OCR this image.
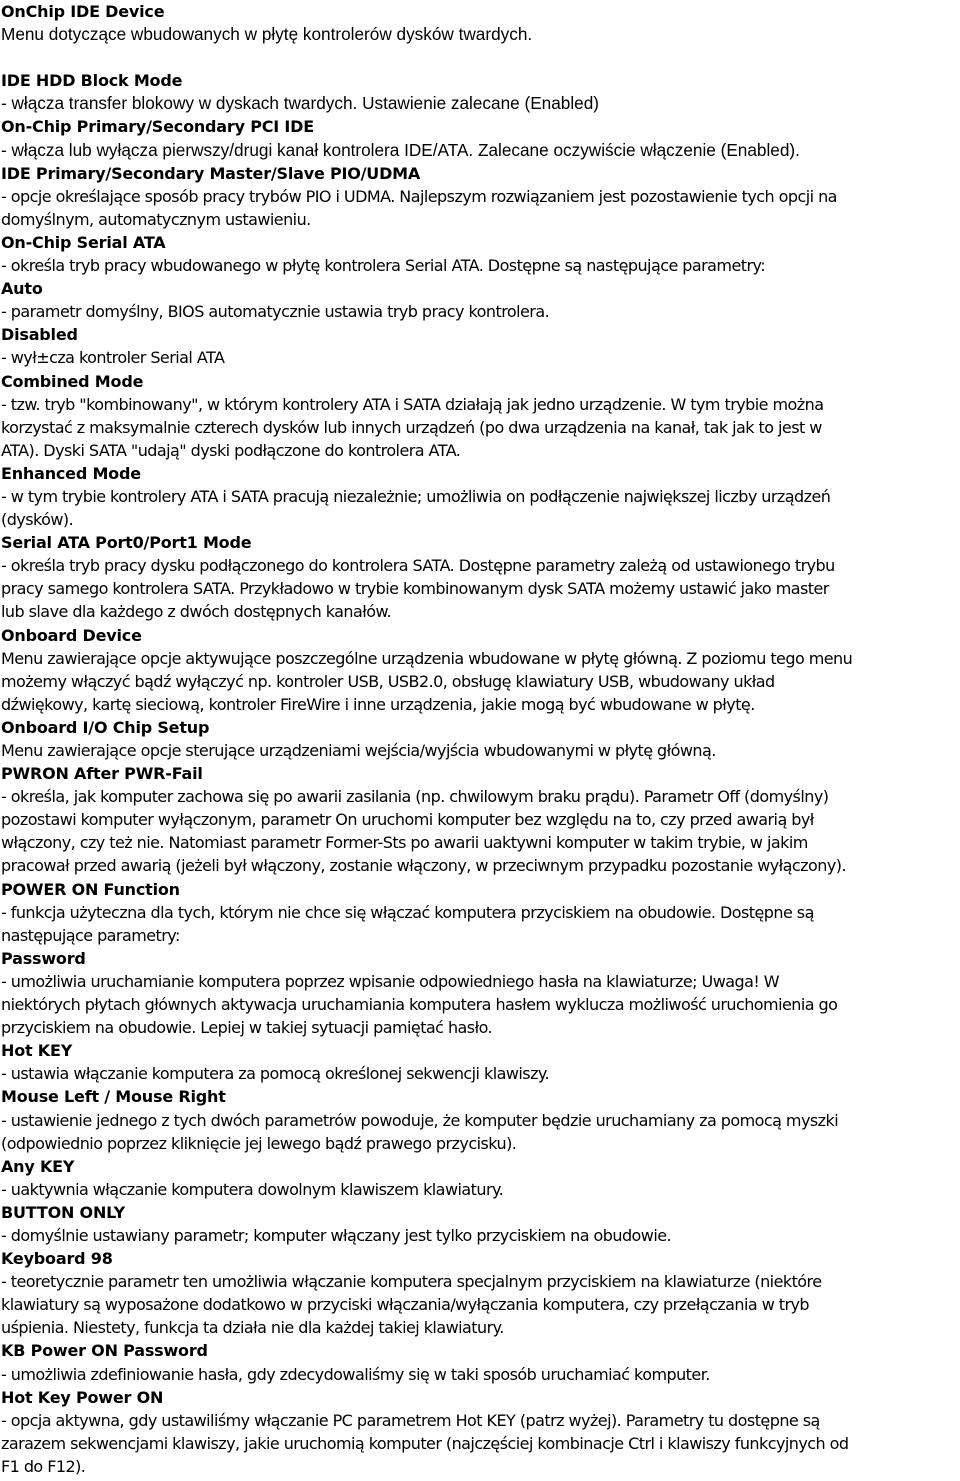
OnChip IDE Device
Menu dotyczące wbudowanych w płytę kontrolerów dysków twardych.
IDE HDD Block Mode
- włącza transfer blokowy w dyskach twardych. Ustawienie zalecane (Enabled)
On-Chip Primary/Secondary PCI IDE
- włącza lub wyłącza pierwszy/drugi kanał kontrolera IDE/ATA. Zalecane oczywiście włączenie (Enabled).
IDE Primary/Secondary Master/Slave PIO/UDMA
- opcje określające sposób pracy trybów PIO i UDMA. Najlepszym rozwiązaniem jest pozostawienie tych opcji na
domyślnym, automatycznym ustawieniu.
On-Chip Serial ATA
- określa tryb pracy wbudowanego w płytę kontrolera Serial ATA. Dostępne są następujące parametry:
Auto
- parametr domyślny, BIOS automatycznie ustawia tryb pracy kontrolera.
Disabled
- wył±cza kontroler Serial ATA
Combined Mode
- tzw. tryb "kombinowany", w którym kontrolery ATA i SATA działają jak jedno urządzenie. W tym trybie można
korzystać z maksymalnie czterech dysków lub innych urządzeń (po dwa urządzenia na kanał, tak jak to jest w
ATA). Dyski SATA "udają" dyski podłączone do kontrolera ATA.
Enhanced Mode
- w tym trybie kontrolery ATA i SATA pracują niezależnie; umożliwia on podłączenie największej liczby urządzeń
(dysków).
Serial ATA Port0/Port1 Mode
- określa tryb pracy dysku podłączonego do kontrolera SATA. Dostępne parametry zależą od ustawionego trybu
pracy samego kontrolera SATA. Przykładowo w trybie kombinowanym dysk SATA możemy ustawić jako master
lub slave dla każdego z dwóch dostępnych kanałów.
Onboard Device
Menu zawierające opcje aktywujące poszczególne urządzenia wbudowane w płytę główną. Z poziomu tego menu
możemy włączyć bądź wyłączyć np. kontroler USB, USB2.0, obsługę klawiatury USB, wbudowany układ
dźwiękowy, kartę sieciową, kontroler FireWire i inne urządzenia, jakie mogą być wbudowane w płytę.
Onboard I/O Chip Setup
Menu zawierające opcje sterujące urządzeniami wejścia/wyjścia wbudowanymi w płytę główną.
PWRON After PWR-Fail
- określa, jak komputer zachowa się po awarii zasilania (np. chwilowym braku prądu). Parametr Off (domyślny)
pozostawi komputer wyłączonym, parametr On uruchomi komputer bez względu na to, czy przed awarią był
włączony, czy też nie. Natomiast parametr Former-Sts po awarii uaktywni komputer w takim trybie, w jakim
pracował przed awarią (jeżeli był włączony, zostanie włączony, w przeciwnym przypadku pozostanie wyłączony).
POWER ON Function
- funkcja użyteczna dla tych, którym nie chce się włączać komputera przyciskiem na obudowie. Dostępne są
następujące parametry:
Password
- umożliwia uruchamianie komputera poprzez wpisanie odpowiedniego hasła na klawiaturze; Uwaga! W
niektórych płytach głównych aktywacja uruchamiania komputera hasłem wyklucza możliwość uruchomienia go
przyciskiem na obudowie. Lepiej w takiej sytuacji pamiętać hasło.
Hot KEY
- ustawia włączanie komputera za pomocą określonej sekwencji klawiszy.
Mouse Left / Mouse Right
- ustawienie jednego z tych dwóch parametrów powoduje, że komputer będzie uruchamiany za pomocą myszki
(odpowiednio poprzez kliknięcie jej lewego bądź prawego przycisku).
Any KEY
- uaktywnia włączanie komputera dowolnym klawiszem klawiatury.
BUTTON ONLY
- domyślnie ustawiany parametr; komputer włączany jest tylko przyciskiem na obudowie.
Keyboard 98
- teoretycznie parametr ten umożliwia włączanie komputera specjalnym przyciskiem na klawiaturze (niektóre
klawiatury są wyposażone dodatkowo w przyciski włączania/wyłączania komputera, czy przełączania w tryb
uśpienia. Niestety, funkcja ta działa nie dla każdej takiej klawiatury.
KB Power ON Password
- umożliwia zdefiniowanie hasła, gdy zdecydowaliśmy się w taki sposób uruchamiać komputer.
Hot Key Power ON
- opcja aktywna, gdy ustawiliśmy włączanie PC parametrem Hot KEY (patrz wyżej). Parametry tu dostępne są
zarazem sekwencjami klawiszy, jakie uruchomią komputer (najczęściej kombinacje Ctrl i klawiszy funkcyjnych od
F1 do F12).
